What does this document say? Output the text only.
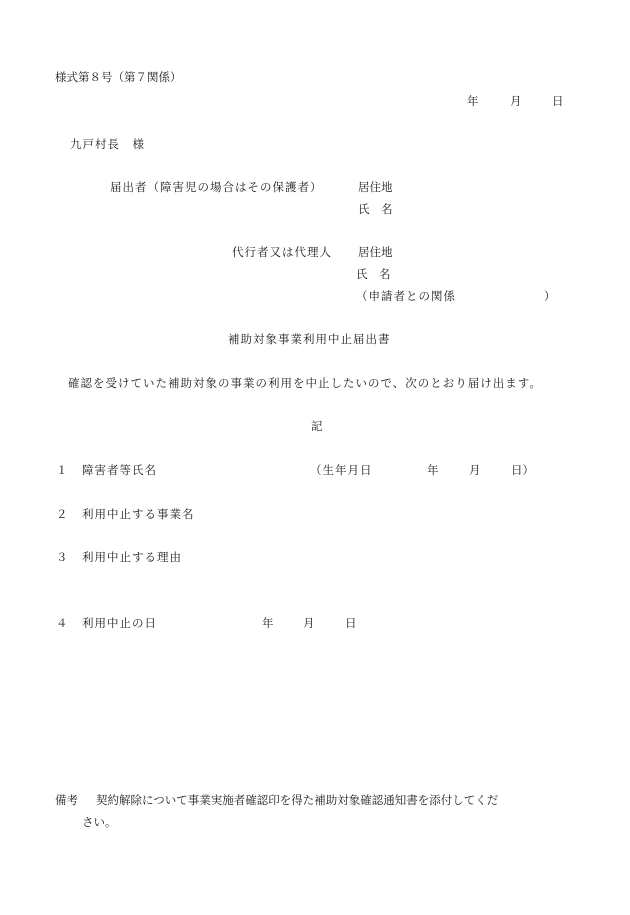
様式第８号（第７関係）
年	月	日
九戸村長　様
届出者（障害児の場合はその保護者）	居住地
氏　名
代行者又は代理人 居住地
氏　名
（申請者との関係	）
補助対象事業利用中止届出書
確認を受けていた補助対象の事業の利用を中止したいので、次のとおり届け出ます。
記
１ 障害者等氏名	（生年月日	年	月	日）
２ 利用中止する事業名
３ 利用中止する理由
４ 利用中止の日	年	月	日
備考 契約解除について事業実施者確認印を得た補助対象確認通知書を添付してくだ
さい。
